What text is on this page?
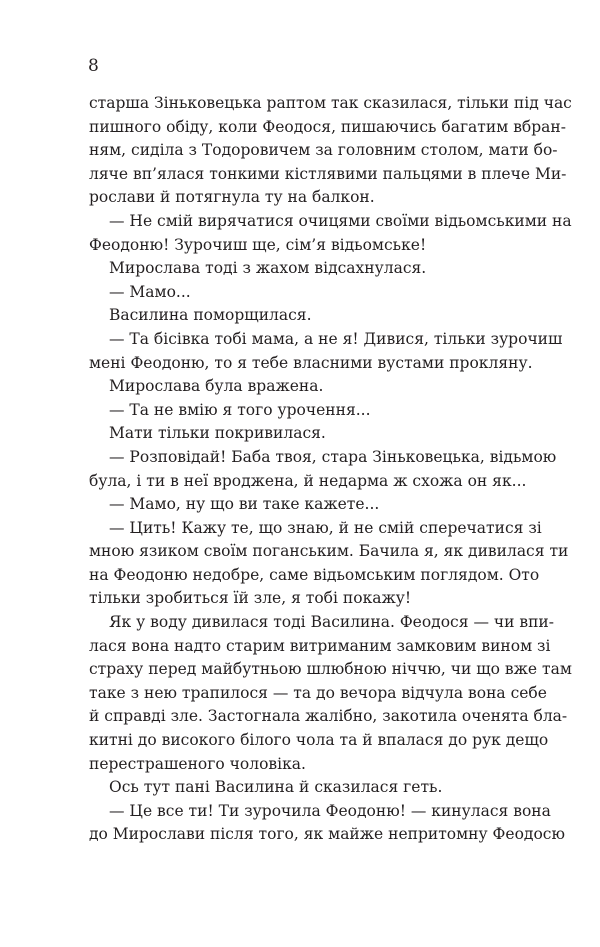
8
старша Зіньковецька раптом так сказилася, тільки під час
пишного обіду, коли Феодося, пишаючись багатим вбран-
ням, сиділа з Тодоровичем за головним столом, мати бо-
ляче вп’ялася тонкими кістлявими пальцями в плече Ми-
рослави й потягнула ту на балкон.
— Не смій вирячатися очицями своїми відьомськими на
Феодоню! Зурочиш ще, сім’я відьомське!
Мирослава тоді з жахом відсахнулася.
— Мамо...
Василина поморщилася.
— Та бісівка тобі мама, а не я! Дивися, тільки зурочиш
мені Феодоню, то я тебе власними вустами прокляну.
Мирослава була вражена.
— Та не вмію я того урочення...
Мати тільки покривилася.
— Розповідай! Баба твоя, стара Зіньковецька, відьмою
була, і ти в неї вроджена, й недарма ж схожа он як...
— Мамо, ну що ви таке кажете...
— Цить! Кажу те, що знаю, й не смій сперечатися зі
мною язиком своїм поганським. Бачила я, як дивилася ти
на Феодоню недобре, саме відьомським поглядом. Ото
тільки зробиться їй зле, я тобі покажу!
Як у воду дивилася тоді Василина. Феодося — чи впи-
лася вона надто старим витриманим замковим вином зі
страху перед майбутньою шлюбною ніччю, чи що вже там
таке з нею трапилося — та до вечора відчула вона себе
й справді зле. Застогнала жалібно, закотила оченята бла-
китні до високого білого чола та й впалася до рук дещо
перестрашеного чоловіка.
Ось тут пані Василина й сказилася геть.
— Це все ти! Ти зурочила Феодоню! — кинулася вона
до Мирослави після того, як майже непритомну Феодосю
